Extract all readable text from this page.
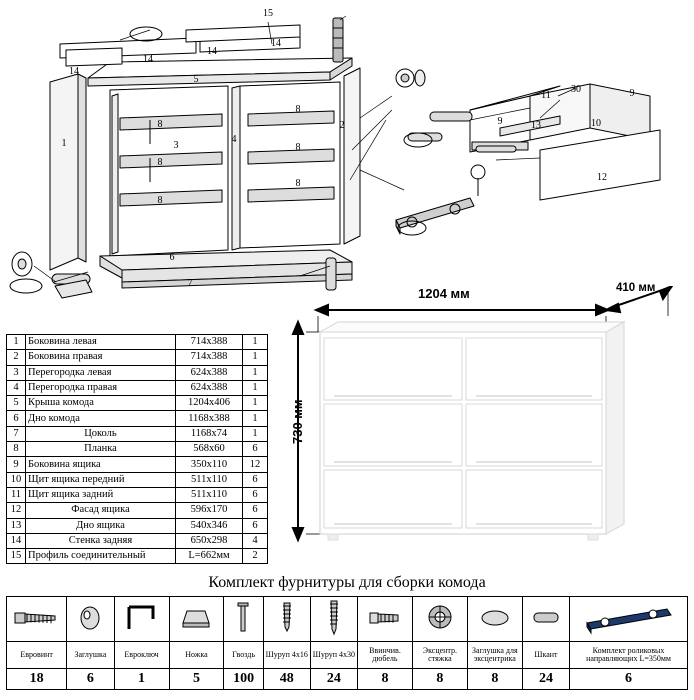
15
14
14
14
14
5
1
8
8
8
3
4
8
8
8
2
6
7
9	13
11
30
10
12
9
1	Боковина левая	714х388	1
2	Боковина правая	714х388	1
3	Перегородка левая	624х388	1
4	Перегородка правая	624х388	1
5	Крыша комода	1204х406	1
6	Дно комода	1168х388	1
7	Цоколь	1168х74	1
8	Планка	568х60	6
9	Боковина ящика	350х110	12
10	Щит ящика передний	511х110	6
11	Щит ящика задний	511х110	6
12	Фасад ящика	596х170	6
13	Дно ящика	540х346	6
14	Стенка задняя	650х298	4
15	Профиль соединительный	L=662мм	2
1204 мм	410 мм
730 мм
Комплект фурнитуры для сборки комода

Евровинт	Заглушка	Евроключ	Ножка	Гвоздь	Шуруп 4х16	Шуруп 4х30	Ввинчив. дюбель	Эксцентр. стяжка	Заглушка для эксцентрика	Шкант	Комплект роликовых направляющих L=350мм
18	6	1	5	100	48	24	8	8	8	24	6
